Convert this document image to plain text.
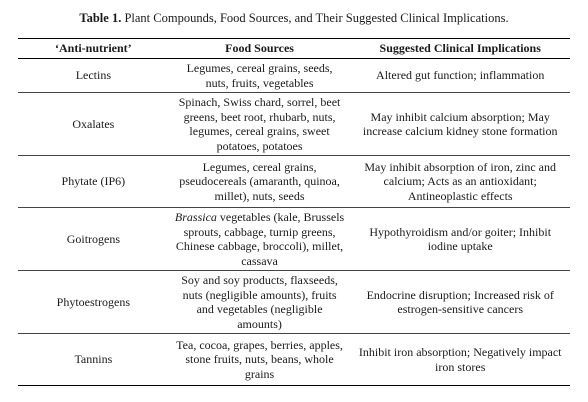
Table 1. Plant Compounds, Food Sources, and Their Suggested Clinical Implications.
‘Anti-nutrient’	Food Sources	Suggested Clinical Implications
Lectins	Legumes, cereal grains, seeds, nuts, fruits, vegetables	Altered gut function; inflammation
Oxalates	Spinach, Swiss chard, sorrel, beet greens, beet root, rhubarb, nuts, legumes, cereal grains, sweet potatoes, potatoes	May inhibit calcium absorption; May increase calcium kidney stone formation
Phytate (IP6)	Legumes, cereal grains, pseudocereals (amaranth, quinoa, millet), nuts, seeds	May inhibit absorption of iron, zinc and calcium; Acts as an antioxidant; Antineoplastic effects
Goitrogens	Brassica vegetables (kale, Brussels sprouts, cabbage, turnip greens, Chinese cabbage, broccoli), millet, cassava	Hypothyroidism and/or goiter; Inhibit iodine uptake
Phytoestrogens	Soy and soy products, flaxseeds, nuts (negligible amounts), fruits and vegetables (negligible amounts)	Endocrine disruption; Increased risk of estrogen-sensitive cancers
Tannins	Tea, cocoa, grapes, berries, apples, stone fruits, nuts, beans, whole grains	Inhibit iron absorption; Negatively impact iron stores
